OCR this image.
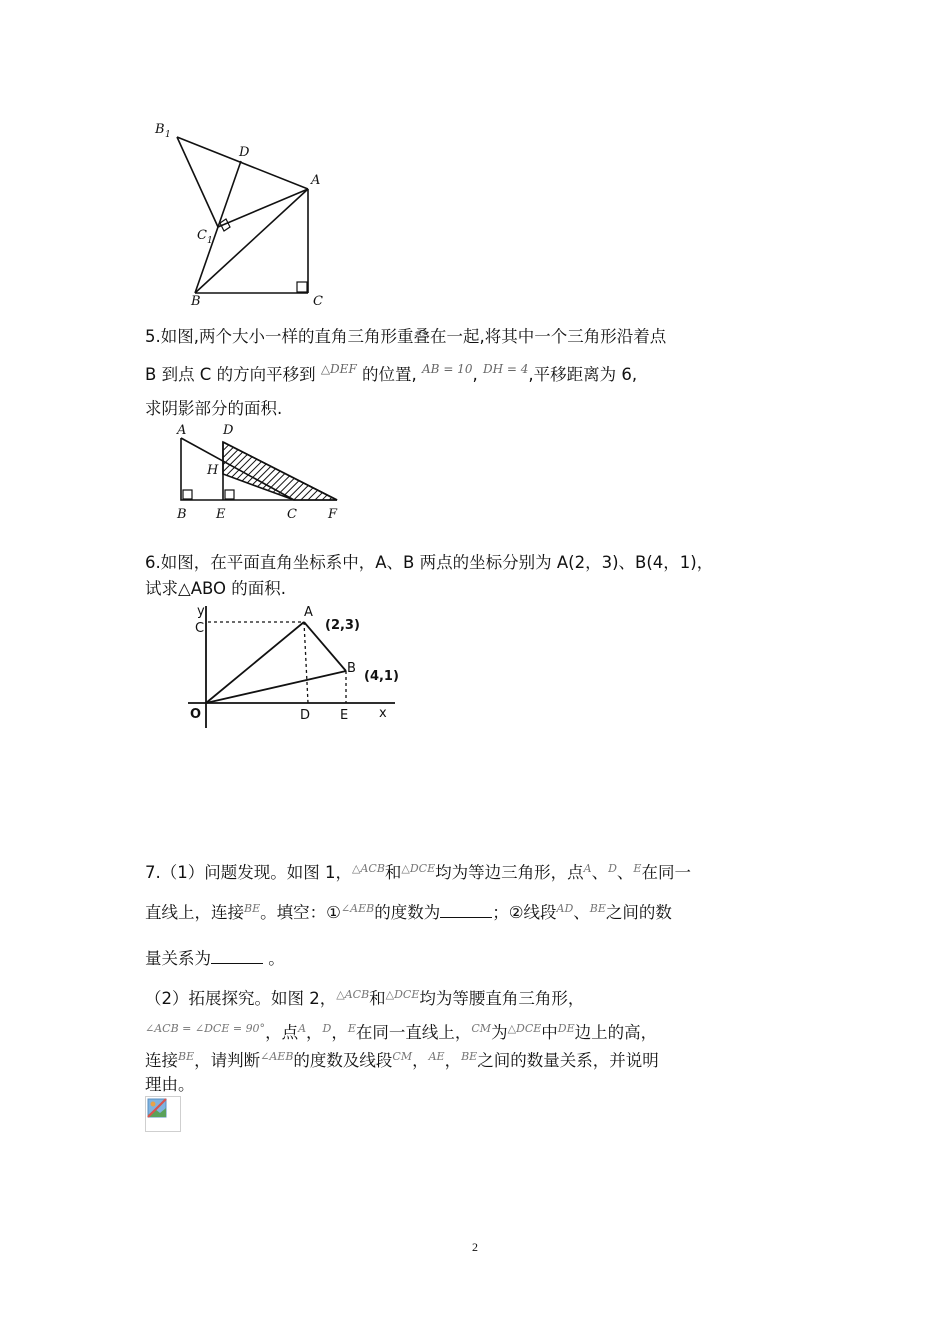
B 1
D
A
C 1
B	C
5.如图,两个大小一样的直角三角形重叠在一起,将其中一个三角形沿着点
B 到点 C 的方向平移到 $^{\triangle DEF}$ 的位置, $^{AB = 10}$, $^{DH = 4}$,平移距离为 6,
求阴影部分的面积.
A	D
H
B E	C F
6.如图，在平面直角坐标系中，A、B 两点的坐标分别为 A(2，3)、B(4，1)，
试求△ABO 的面积.
y
C
A
(2,3)
B
(4,1)
O	D E x
7.（1）问题发现。如图 1，$^{\triangle ACB}$和$^{\triangle DCE}$均为等边三角形，点$^A$、$^D$、$^E$在同一
直线上，连接$^{BE}$。填空：①$^{\angle AEB}$的度数为	；②线段$^{AD}$、$^{BE}$之间的数
量关系为	。
（2）拓展探究。如图 2，$^{\triangle ACB}$和$^{\triangle DCE}$均为等腰直角三角形，
$^{\angle ACB = \angle DCE = 90^\circ}$，点$^A$，$^D$，$^E$在同一直线上，$^{CM}$为$^{\triangle DCE}$中$^{DE}$边上的高，
连接$^{BE}$，请判断$^{\angle AEB}$的度数及线段$^{CM}$，$^{AE}$，$^{BE}$之间的数量关系，并说明
理由。
2
